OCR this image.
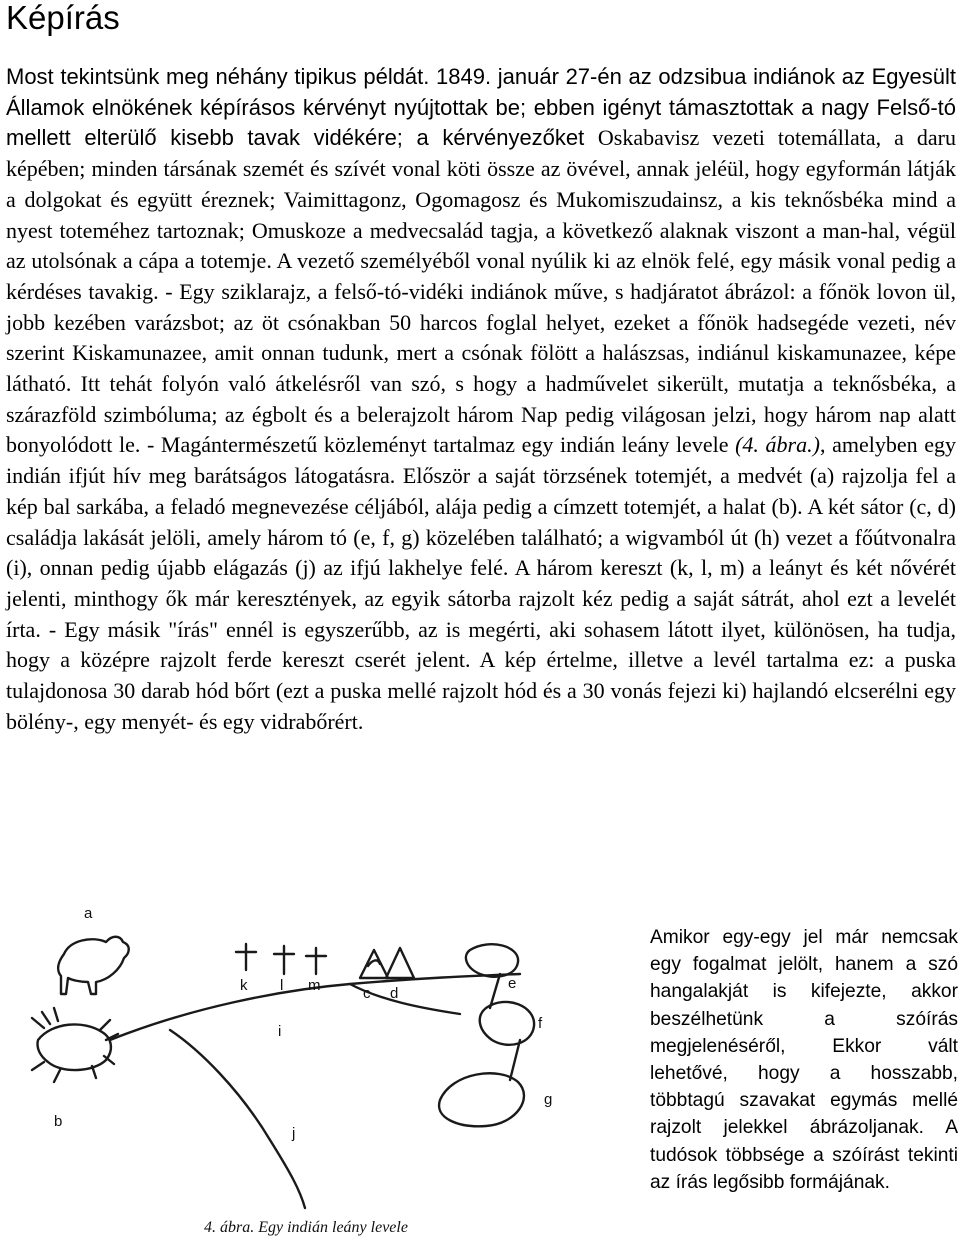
Képírás

Most tekintsünk meg néhány tipikus példát. 1849. január 27-én az odzsibua indiánok az Egyesült Államok elnökének képírásos kérvényt nyújtottak be; ebben igényt támasztottak a nagy Felső-tó mellett elterülő kisebb tavak vidékére; a kérvényezőket Oskabavisz vezeti totemállata, a daru képében; minden társának szemét és szívét vonal köti össze az övével, annak jeléül, hogy egyformán látják a dolgokat és együtt éreznek; Vaimittagonz, Ogomagosz és Mukomiszudainsz, a kis teknősbéka mind a nyest toteméhez tartoznak; Omuskoze a medvecsalád tagja, a következő alaknak viszont a man-hal, végül az utolsónak a cápa a totemje. A vezető személyéből vonal nyúlik ki az elnök felé, egy másik vonal pedig a kérdéses tavakig. - Egy sziklarajz, a felső-tó-vidéki indiánok műve, s hadjáratot ábrázol: a főnök lovon ül, jobb kezében varázsbot; az öt csónakban 50 harcos foglal helyet, ezeket a főnök hadsegéde vezeti, név szerint Kiskamunazee, amit onnan tudunk, mert a csónak fölött a halászsas, indiánul kiskamunazee, képe látható. Itt tehát folyón való átkelésről van szó, s hogy a hadművelet sikerült, mutatja a teknősbéka, a szárazföld szimbóluma; az égbolt és a belerajzolt három Nap pedig világosan jelzi, hogy három nap alatt bonyolódott le. - Magántermészetű közleményt tartalmaz egy indián leány levele (4. ábra.), amelyben egy indián ifjút hív meg barátságos látogatásra. Először a saját törzsének totemjét, a medvét (a) rajzolja fel a kép bal sarkába, a feladó megnevezése céljából, alája pedig a címzett totemjét, a halat (b). A két sátor (c, d) családja lakását jelöli, amely három tó (e, f, g) közelében található; a wigvamból út (h) vezet a főútvonalra (i), onnan pedig újabb elágazás (j) az ifjú lakhelye felé. A három kereszt (k, l, m) a leányt és két nővérét jelenti, minthogy ők már keresztények, az egyik sátorba rajzolt kéz pedig a saját sátrát, ahol ezt a levelét írta. - Egy másik "írás" ennél is egyszerűbb, az is megérti, aki sohasem látott ilyet, különösen, ha tudja, hogy a középre rajzolt ferde kereszt cserét jelent. A kép értelme, illetve a levél tartalma ez: a puska tulajdonosa 30 darab hód bőrt (ezt a puska mellé rajzolt hód és a 30 vonás fejezi ki) hajlandó elcserélni egy bölény-, egy menyét- és egy vidrabőrért.

a
b
c d
e
f
g
i
j
k l m
4. ábra. Egy indián leány levele

Amikor egy-egy jel már nemcsak egy fogalmat jelölt, hanem a szó hangalakját is kifejezte, akkor beszélhetünk a szóírás megjelenéséről, Ekkor vált lehetővé, hogy a hosszabb, többtagú szavakat egymás mellé rajzolt jelekkel ábrázoljanak. A tudósok többsége a szóírást tekinti az írás legősibb formájának.
